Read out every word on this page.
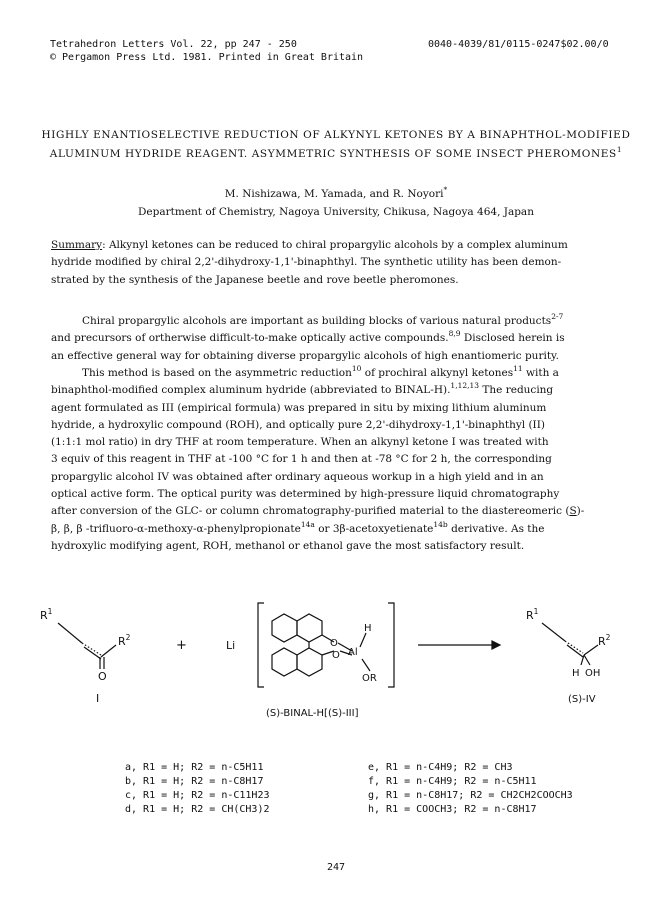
Tetrahedron Letters Vol. 22, pp 247 - 250
© Pergamon Press Ltd. 1981. Printed in Great Britain
0040-4039/81/0115-0247$02.00/0
HIGHLY ENANTIOSELECTIVE REDUCTION OF ALKYNYL KETONES BY A BINAPHTHOL-MODIFIED
ALUMINUM HYDRIDE REAGENT. ASYMMETRIC SYNTHESIS OF SOME INSECT PHEROMONES$^1$
M. Nishizawa, M. Yamada, and R. Noyori*
Department of Chemistry, Nagoya University, Chikusa, Nagoya 464, Japan

Summary: Alkynyl ketones can be reduced to chiral propargylic alcohols by a complex aluminum

hydride modified by chiral 2,2'-dihydroxy-1,1'-binaphthyl. The synthetic utility has been demon-

strated by the synthesis of the Japanese beetle and rove beetle pheromones.

Chiral propargylic alcohols are important as building blocks of various natural products$^{2-7}$

and precursors of ortherwise difficult-to-make optically active compounds.$^{8,9}$ Disclosed herein is

an effective general way for obtaining diverse propargylic alcohols of high enantiomeric purity.

This method is based on the asymmetric reduction$^{10}$ of prochiral alkynyl ketones$^{11}$ with a

binaphthol-modified complex aluminum hydride (abbreviated to BINAL-H).$^{1,12,13}$ The reducing

agent formulated as III (empirical formula) was prepared in situ by mixing lithium aluminum

hydride, a hydroxylic compound (ROH), and optically pure 2,2'-dihydroxy-1,1'-binaphthyl (II)

(1:1:1 mol ratio) in dry THF at room temperature. When an alkynyl ketone I was treated with

3 equiv of this reagent in THF at -100 °C for 1 h and then at -78 °C for 2 h, the corresponding

propargylic alcohol IV was obtained after ordinary aqueous workup in a high yield and in an

optical active form. The optical purity was determined by high-pressure liquid chromatography

after conversion of the GLC- or column chromatography-purified material to the diastereomeric (S)-

β, β, β -trifluoro-α-methoxy-α-phenylpropionate$^{14a}$ or 3β-acetoxyetienate$^{14b}$ derivative. As the

hydroxylic modifying agent, ROH, methanol or ethanol gave the most satisfactory result.

$R^1$
$R^2$
O
I
+	Li	O
O Al
H
OR
(S)-BINAL-H[(S)-III]
$R^1$
$R^2$
H OH
(S)-IV
a, R1 = H; R2 = n-C5H11
b, R1 = H; R2 = n-C8H17
c, R1 = H; R2 = n-C11H23
d, R1 = H; R2 = CH(CH3)2
e, R1 = n-C4H9; R2 = CH3
f, R1 = n-C4H9; R2 = n-C5H11
g, R1 = n-C8H17; R2 = CH2CH2COOCH3
h, R1 = COOCH3; R2 = n-C8H17
247
